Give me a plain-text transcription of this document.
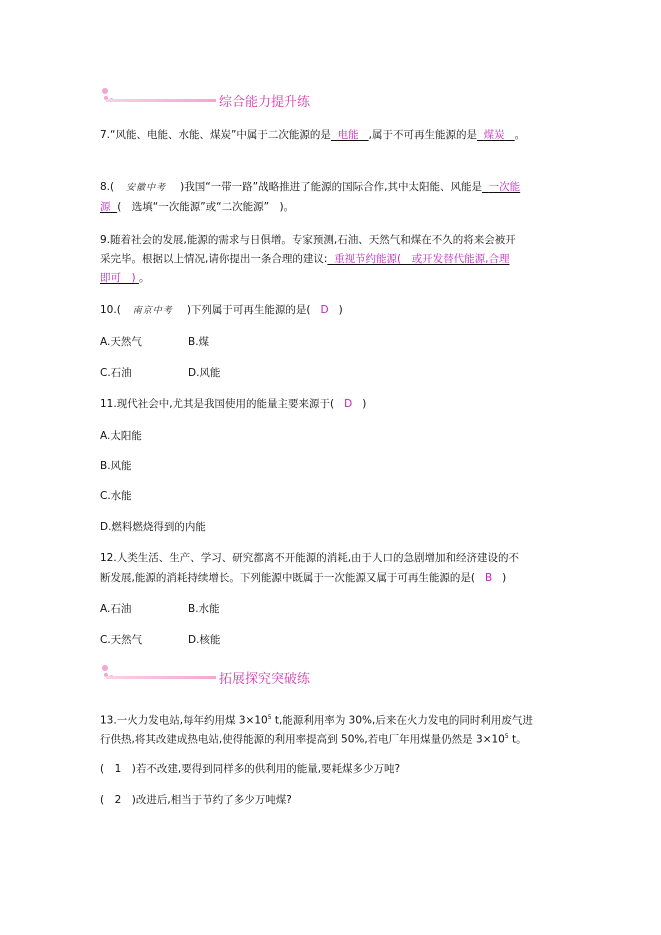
综合能力提升练
7.“风能、电能、水能、煤炭”中属于二次能源的是 电能 ,属于不可再生能源的是 煤炭 。
8.( 安徽中考 )我国“一带一路”战略推进了能源的国际合作,其中太阳能、风能是 一次能
源 (　选填“一次能源”或“二次能源”　)。
9.随着社会的发展,能源的需求与日俱增。专家预测,石油、天然气和煤在不久的将来会被开
采完毕。根据以上情况,请你提出一条合理的建议: 重视节约能源(　或开发替代能源,合理
即可　) 。
10.( 南京中考 )下列属于可再生能源的是( D )
A.天然气	B.煤
C.石油	D.风能
11.现代社会中,尤其是我国使用的能量主要来源于( D )
A.太阳能
B.风能
C.水能
D.燃料燃烧得到的内能
12.人类生活、生产、学习、研究都离不开能源的消耗,由于人口的急剧增加和经济建设的不
断发展,能源的消耗持续增长。下列能源中既属于一次能源又属于可再生能源的是( B )
A.石油	B.水能
C.天然气	D.核能
拓展探究突破练
13.一火力发电站,每年约用煤 $3\times 10^5$ t,能源利用率为 30%,后来在火力发电的同时利用废气进
行供热,将其改建成热电站,使得能源的利用率提高到 50%,若电厂年用煤量仍然是 $3\times 10^5$ t。
(　1　)若不改建,要得到同样多的供利用的能量,要耗煤多少万吨?
(　2　)改进后,相当于节约了多少万吨煤?
